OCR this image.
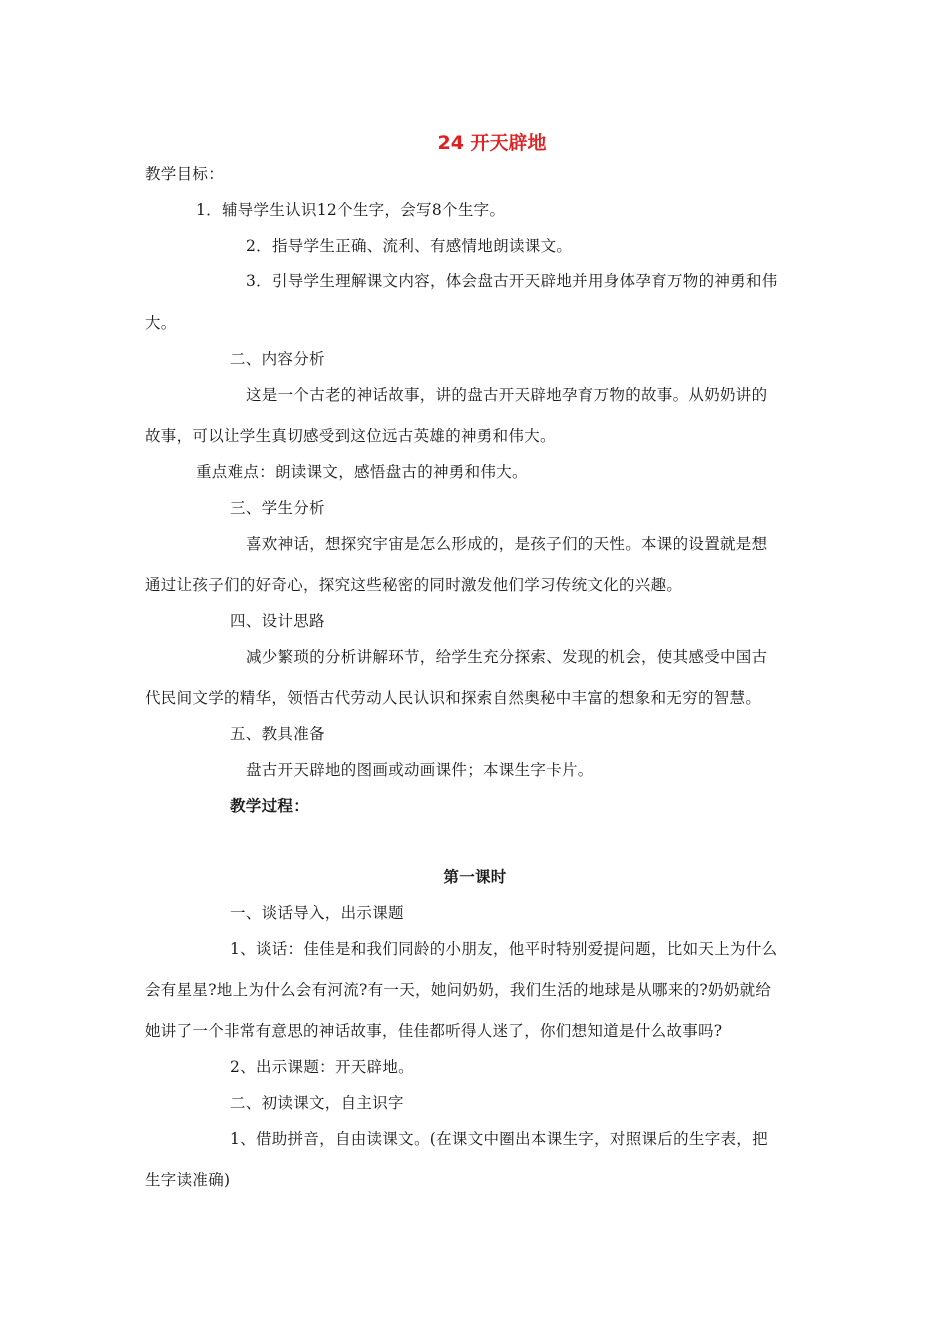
24 开天辟地
教学目标：
1．辅导学生认识12个生字，会写8个生字。
2．指导学生正确、流利、有感情地朗读课文。
3．引导学生理解课文内容，体会盘古开天辟地并用身体孕育万物的神勇和伟
大。
二、内容分析
这是一个古老的神话故事，讲的盘古开天辟地孕育万物的故事。从奶奶讲的
故事，可以让学生真切感受到这位远古英雄的神勇和伟大。
重点难点：朗读课文，感悟盘古的神勇和伟大。
三、学生分析
喜欢神话，想探究宇宙是怎么形成的，是孩子们的天性。本课的设置就是想
通过让孩子们的好奇心，探究这些秘密的同时激发他们学习传统文化的兴趣。
四、设计思路
减少繁琐的分析讲解环节，给学生充分探索、发现的机会，使其感受中国古
代民间文学的精华，领悟古代劳动人民认识和探索自然奥秘中丰富的想象和无穷的智慧。
五、教具准备
盘古开天辟地的图画或动画课件；本课生字卡片。
教学过程：
第一课时
一、谈话导入，出示课题
1、谈话：佳佳是和我们同龄的小朋友，他平时特别爱提问题，比如天上为什么
会有星星?地上为什么会有河流?有一天，她问奶奶，我们生活的地球是从哪来的?奶奶就给
她讲了一个非常有意思的神话故事，佳佳都听得人迷了，你们想知道是什么故事吗?
2、出示课题：开天辟地。
二、初读课文，自主识字
1、借助拼音，自由读课文。(在课文中圈出本课生字，对照课后的生字表，把
生字读准确)
